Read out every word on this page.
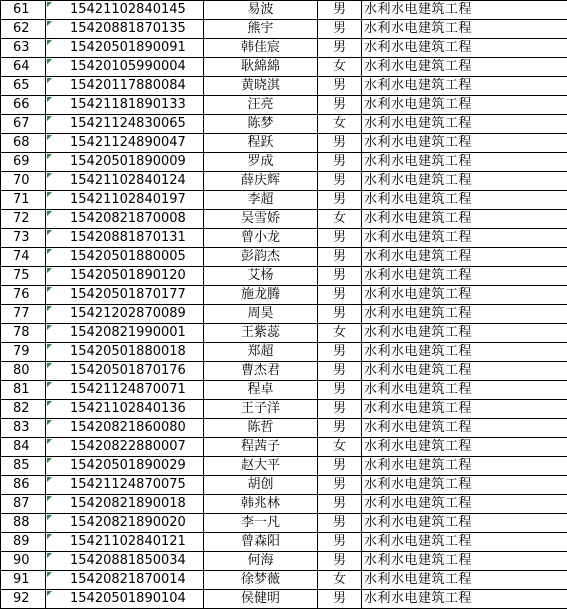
61	15421102840145	易波	男	水利水电建筑工程
62	15420881870135	熊宇	男	水利水电建筑工程
63	15420501890091	韩佳宸	男	水利水电建筑工程
64	15420105990004	耿綿綿	女	水利水电建筑工程
65	15420117880084	黄晓淇	男	水利水电建筑工程
66	15421181890133	汪亮	男	水利水电建筑工程
67	15421124830065	陈梦	女	水利水电建筑工程
68	15421124890047	程跃	男	水利水电建筑工程
69	15420501890009	罗成	男	水利水电建筑工程
70	15421102840124	薛庆辉	男	水利水电建筑工程
71	15421102840197	李超	男	水利水电建筑工程
72	15420821870008	吴雪娇	女	水利水电建筑工程
73	15420881870131	曾小龙	男	水利水电建筑工程
74	15420501880005	彭韵杰	男	水利水电建筑工程
75	15420501890120	艾杨	男	水利水电建筑工程
76	15420501870177	施龙腾	男	水利水电建筑工程
77	15421202870089	周昊	男	水利水电建筑工程
78	15420821990001	王紫蕊	女	水利水电建筑工程
79	15420501880018	郑超	男	水利水电建筑工程
80	15420501870176	曹杰君	男	水利水电建筑工程
81	15421124870071	程卓	男	水利水电建筑工程
82	15421102840136	王子洋	男	水利水电建筑工程
83	15420821860080	陈哲	男	水利水电建筑工程
84	15420822880007	程茜子	女	水利水电建筑工程
85	15420501890029	赵大平	男	水利水电建筑工程
86	15421124870075	胡创	男	水利水电建筑工程
87	15420821890018	韩兆林	男	水利水电建筑工程
88	15420821890020	李一凡	男	水利水电建筑工程
89	15421102840121	曾森阳	男	水利水电建筑工程
90	15420881850034	何海	男	水利水电建筑工程
91	15420821870014	徐梦薇	女	水利水电建筑工程
92	15420501890104	侯健明	男	水利水电建筑工程
